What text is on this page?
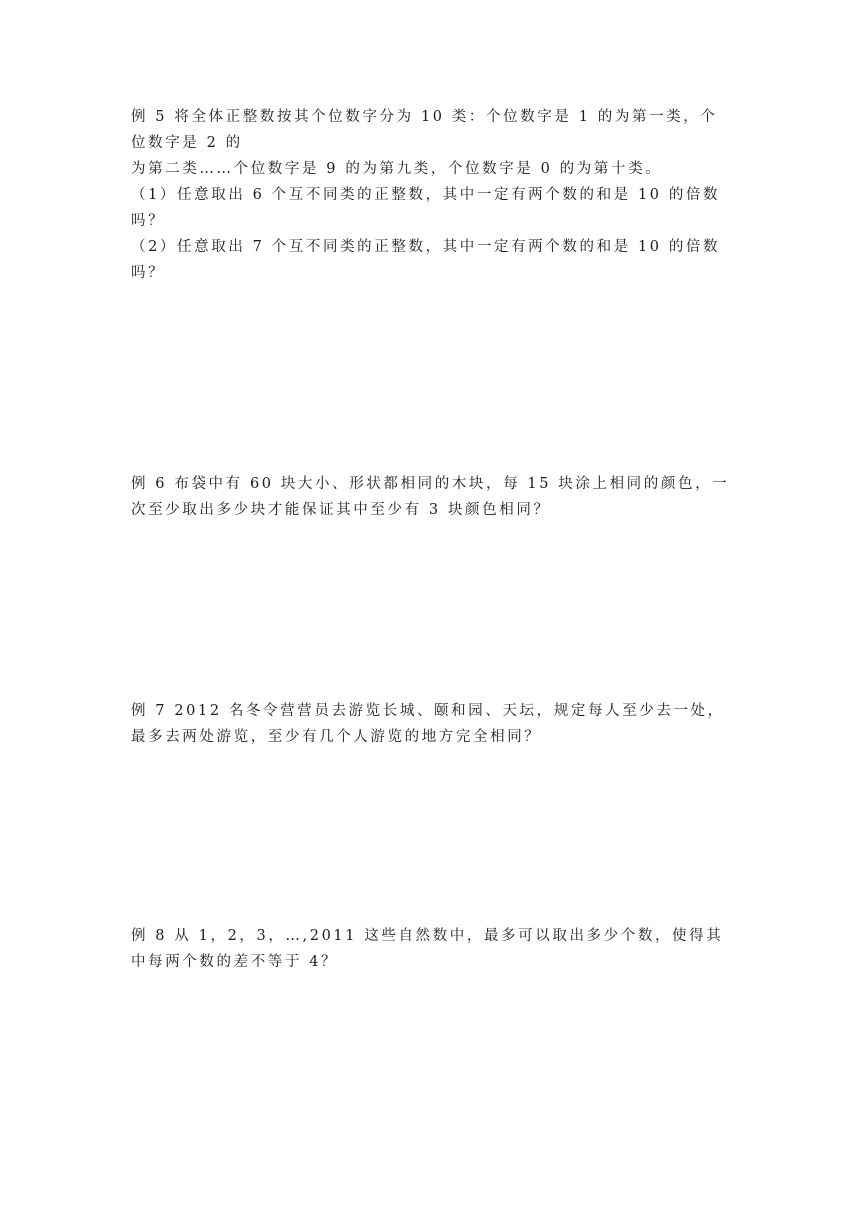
例 5 将全体正整数按其个位数字分为 10 类：个位数字是 1 的为第一类，个
位数字是 2 的
为第二类……个位数字是 9 的为第九类，个位数字是 0 的为第十类。
（1）任意取出 6 个互不同类的正整数，其中一定有两个数的和是 10 的倍数
吗？
（2）任意取出 7 个互不同类的正整数，其中一定有两个数的和是 10 的倍数
吗？
例 6 布袋中有 60 块大小、形状都相同的木块，每 15 块涂上相同的颜色，一
次至少取出多少块才能保证其中至少有 3 块颜色相同？
例 7 2012 名冬令营营员去游览长城、颐和园、天坛，规定每人至少去一处，
最多去两处游览，至少有几个人游览的地方完全相同？
例 8 从 1，2，3，…,2011 这些自然数中，最多可以取出多少个数，使得其
中每两个数的差不等于 4？
